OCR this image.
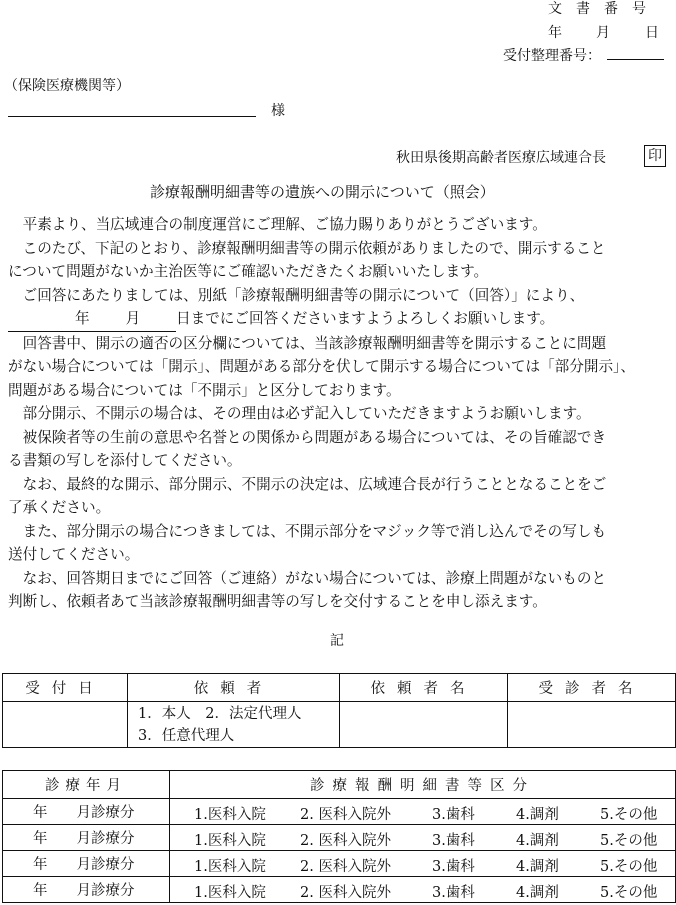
文書番号
年 月	日
受付整理番号：
（保険医療機関等）
様
秋田県後期高齢者医療広域連合長	印
診療報酬明細書等の遺族への開示について（照会）
平素より、当広域連合の制度運営にご理解、ご協力賜りありがとうございます。
このたび、下記のとおり、診療報酬明細書等の開示依頼がありましたので、開示すること
について問題がないか主治医等にご確認いただきたくお願いいたします。
ご回答にあたりましては、別紙「診療報酬明細書等の開示について（回答）」により、
年 月 日までにご回答くださいますようよろしくお願いします。
回答書中、開示の適否の区分欄については、当該診療報酬明細書等を開示することに問題
がない場合については「開示」、問題がある部分を伏して開示する場合については「部分開示」、
問題がある場合については「不開示」と区分しております。
部分開示、不開示の場合は、その理由は必ず記入していただきますようお願いします。
被保険者等の生前の意思や名誉との関係から問題がある場合については、その旨確認でき
る書類の写しを添付してください。
なお、最終的な開示、部分開示、不開示の決定は、広域連合長が行うこととなることをご
了承ください。
また、部分開示の場合につきましては、不開示部分をマジック等で消し込んでその写しも
送付してください。
なお、回答期日までにご回答（ご連絡）がない場合については、診療上問題がないものと
判断し、依頼者あて当該診療報酬明細書等の写しを交付することを申し添えます。
記
受付日	依頼者	依頼者名	受診者名

	1．本人　2．法定代理人
3．任意代理人		

診療年月	診療報酬明細書等区分
年　　月診療分	1.医科入院 2. 医科入院外 3.歯科 4.調剤 5.その他

年　　月診療分	1.医科入院 2. 医科入院外 3.歯科 4.調剤 5.その他

年　　月診療分	1.医科入院 2. 医科入院外 3.歯科 4.調剤 5.その他

年　　月診療分	1.医科入院 2. 医科入院外 3.歯科 4.調剤 5.その他
